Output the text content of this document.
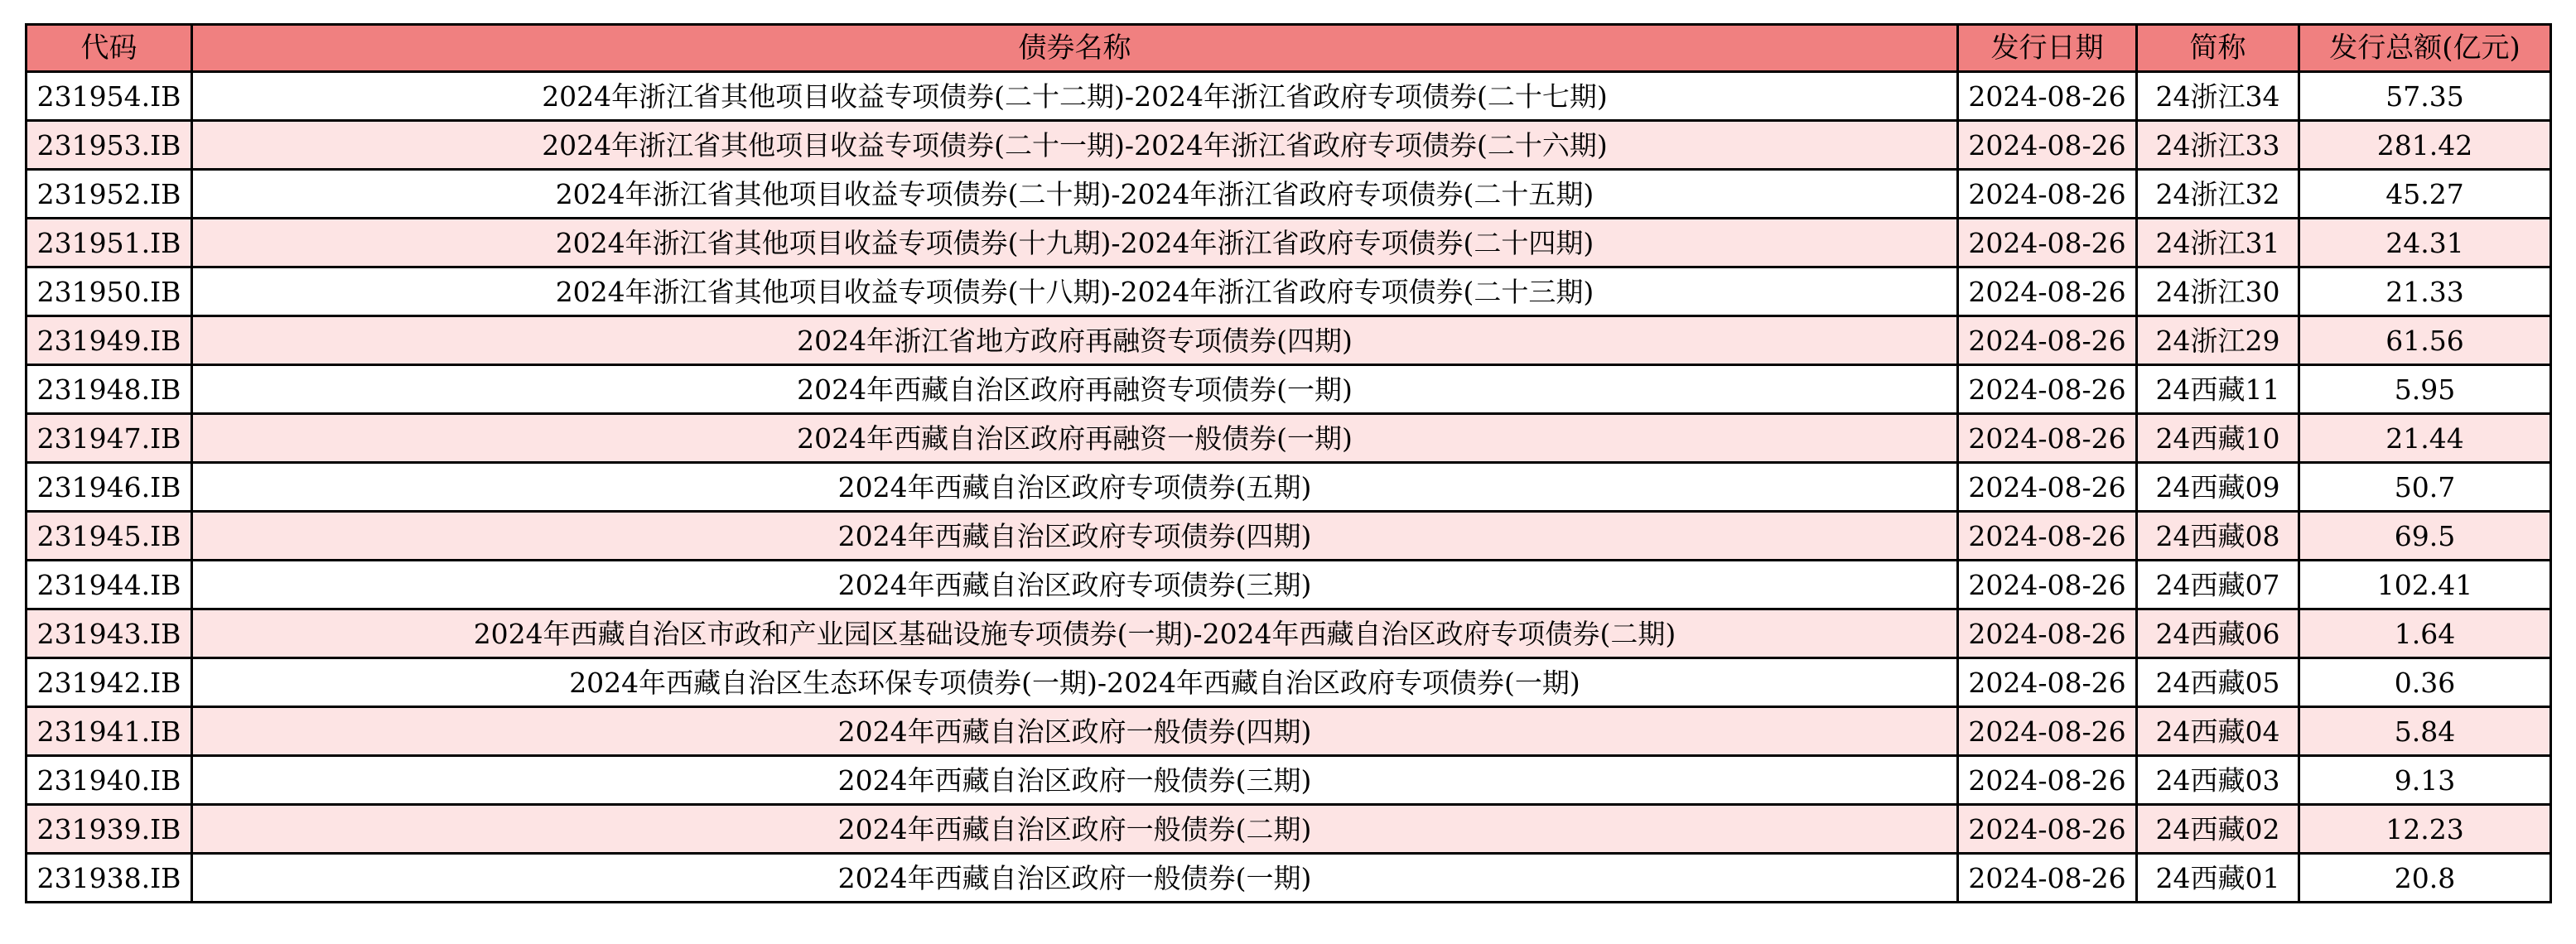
代码	债券名称	发行日期	简称	发行总额(亿元)
231954.IB	2024年浙江省其他项目收益专项债券(二十二期)-2024年浙江省政府专项债券(二十七期)	2024-08-26	24浙江34	57.35
231953.IB	2024年浙江省其他项目收益专项债券(二十一期)-2024年浙江省政府专项债券(二十六期)	2024-08-26	24浙江33	281.42
231952.IB	2024年浙江省其他项目收益专项债券(二十期)-2024年浙江省政府专项债券(二十五期)	2024-08-26	24浙江32	45.27
231951.IB	2024年浙江省其他项目收益专项债券(十九期)-2024年浙江省政府专项债券(二十四期)	2024-08-26	24浙江31	24.31
231950.IB	2024年浙江省其他项目收益专项债券(十八期)-2024年浙江省政府专项债券(二十三期)	2024-08-26	24浙江30	21.33
231949.IB	2024年浙江省地方政府再融资专项债券(四期)	2024-08-26	24浙江29	61.56
231948.IB	2024年西藏自治区政府再融资专项债券(一期)	2024-08-26	24西藏11	5.95
231947.IB	2024年西藏自治区政府再融资一般债券(一期)	2024-08-26	24西藏10	21.44
231946.IB	2024年西藏自治区政府专项债券(五期)	2024-08-26	24西藏09	50.7
231945.IB	2024年西藏自治区政府专项债券(四期)	2024-08-26	24西藏08	69.5
231944.IB	2024年西藏自治区政府专项债券(三期)	2024-08-26	24西藏07	102.41
231943.IB	2024年西藏自治区市政和产业园区基础设施专项债券(一期)-2024年西藏自治区政府专项债券(二期)	2024-08-26	24西藏06	1.64
231942.IB	2024年西藏自治区生态环保专项债券(一期)-2024年西藏自治区政府专项债券(一期)	2024-08-26	24西藏05	0.36
231941.IB	2024年西藏自治区政府一般债券(四期)	2024-08-26	24西藏04	5.84
231940.IB	2024年西藏自治区政府一般债券(三期)	2024-08-26	24西藏03	9.13
231939.IB	2024年西藏自治区政府一般债券(二期)	2024-08-26	24西藏02	12.23
231938.IB	2024年西藏自治区政府一般债券(一期)	2024-08-26	24西藏01	20.8
